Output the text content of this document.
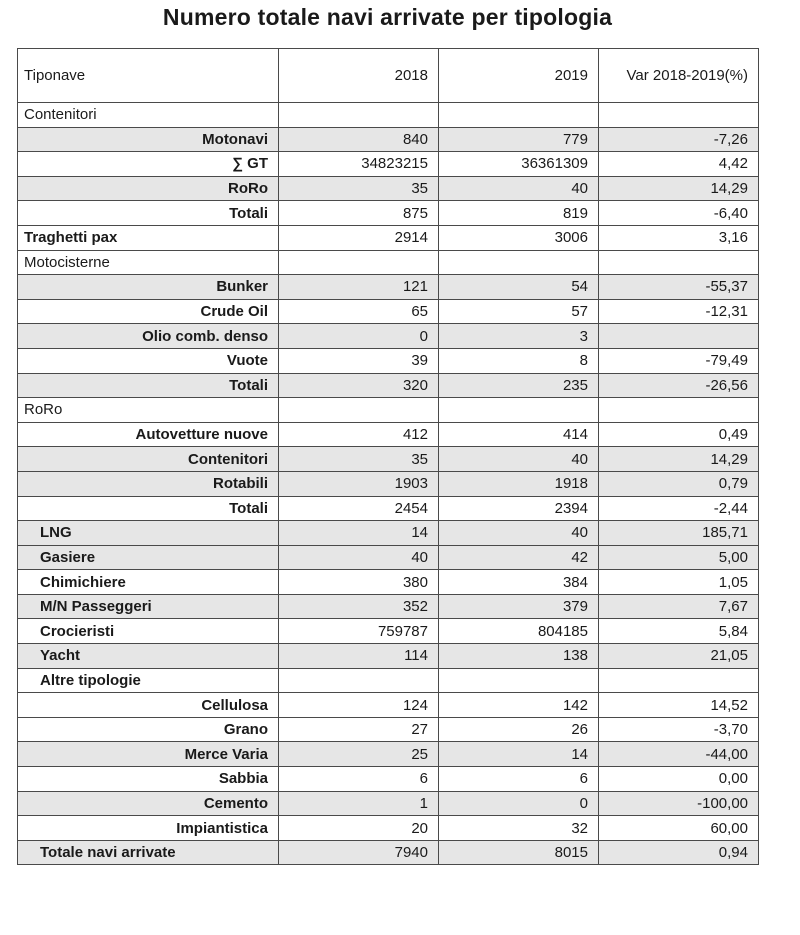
Numero totale navi arrivate per tipologia
Tiponave	2018	2019	Var 2018-2019(%)
Contenitori			
Motonavi	840	779	-7,26
∑ GT	34823215	36361309	4,42
RoRo	35	40	14,29
Totali	875	819	-6,40
Traghetti pax	2914	3006	3,16
Motocisterne			
Bunker	121	54	-55,37
Crude Oil	65	57	-12,31
Olio comb. denso	0	3	
Vuote	39	8	-79,49
Totali	320	235	-26,56
RoRo			
Autovetture nuove	412	414	0,49
Contenitori	35	40	14,29
Rotabili	1903	1918	0,79
Totali	2454	2394	-2,44
LNG	14	40	185,71
Gasiere	40	42	5,00
Chimichiere	380	384	1,05
M/N Passeggeri	352	379	7,67
Crocieristi	759787	804185	5,84
Yacht	114	138	21,05
Altre tipologie			
Cellulosa	124	142	14,52
Grano	27	26	-3,70
Merce Varia	25	14	-44,00
Sabbia	6	6	0,00
Cemento	1	0	-100,00
Impiantistica	20	32	60,00
Totale navi arrivate	7940	8015	0,94
